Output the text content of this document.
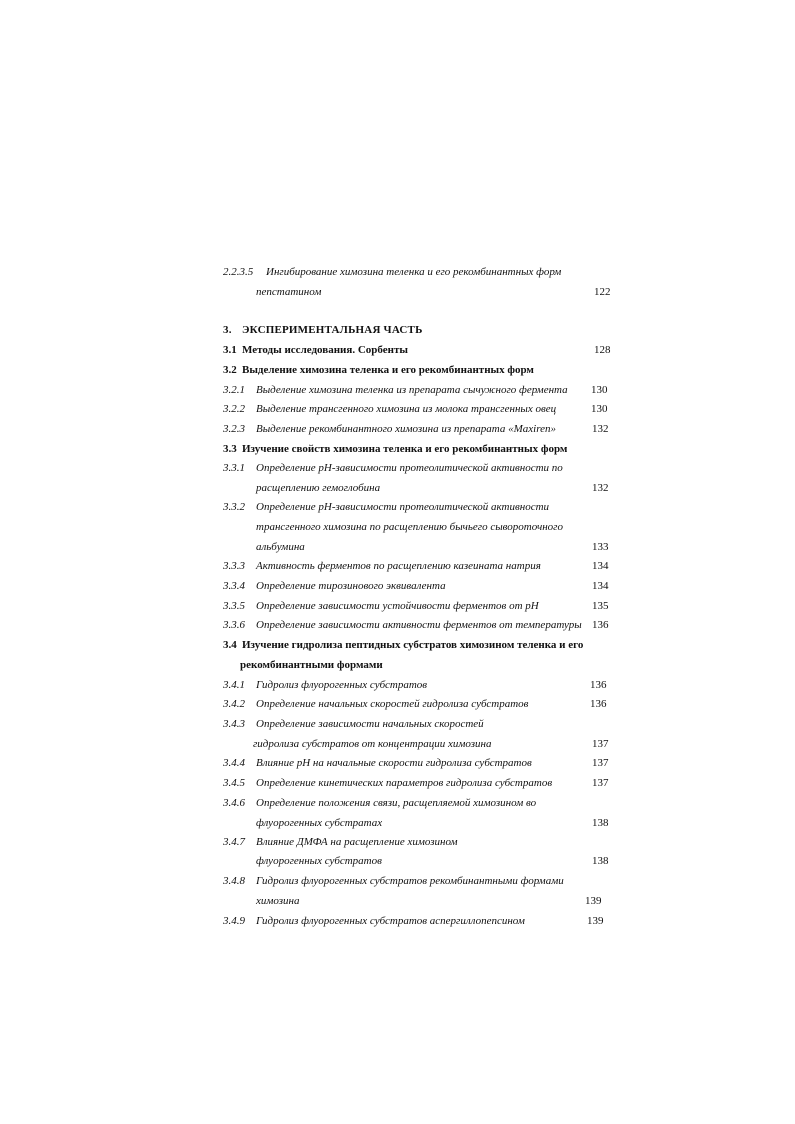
2.2.3.5 Ингибирование химозина теленка и его рекомбинантных форм
пепстатином	122
3. ЭКСПЕРИМЕНТАЛЬНАЯ ЧАСТЬ
3.1 Методы исследования. Сорбенты	128
3.2 Выделение химозина теленка и его рекомбинантных форм
3.2.1 Выделение химозина теленка из препарата сычужного фермента 130
3.2.2 Выделение трансгенного химозина из молока трансгенных овец	130
3.2.3 Выделение рекомбинантного химозина из препарата «Maxiren»	132
3.3 Изучение свойств химозина теленка и его рекомбинантных форм
3.3.1 Определение pH-зависимости протеолитической активности по
расщеплению гемоглобина	132
3.3.2 Определение pH-зависимости протеолитической активности
трансгенного химозина по расщеплению бычьего сывороточного
альбумина	133
3.3.3 Активность ферментов по расщеплению казеината натрия	134
3.3.4 Определение тирозинового эквивалента	134
3.3.5 Определение зависимости устойчивости ферментов от pH	135
3.3.6 Определение зависимости активности ферментов от температуры 136
3.4 Изучение гидролиза пептидных субстратов химозином теленка и его
рекомбинантными формами
3.4.1 Гидролиз флуорогенных субстратов	136
3.4.2 Определение начальных скоростей гидролиза субстратов	136
3.4.3 Определение зависимости начальных скоростей
гидролиза субстратов от концентрации химозина	137
3.4.4 Влияние pH на начальные скорости гидролиза субстратов	137
3.4.5 Определение кинетических параметров гидролиза субстратов	137
3.4.6 Определение положения связи, расщепляемой химозином во
флуорогенных субстратах	138
3.4.7 Влияние ДМФА на расщепление химозином
флуорогенных субстратов	138
3.4.8 Гидролиз флуорогенных субстратов рекомбинантными формами
химозина	139
3.4.9 Гидролиз флуорогенных субстратов аспергиллопепсином	139
